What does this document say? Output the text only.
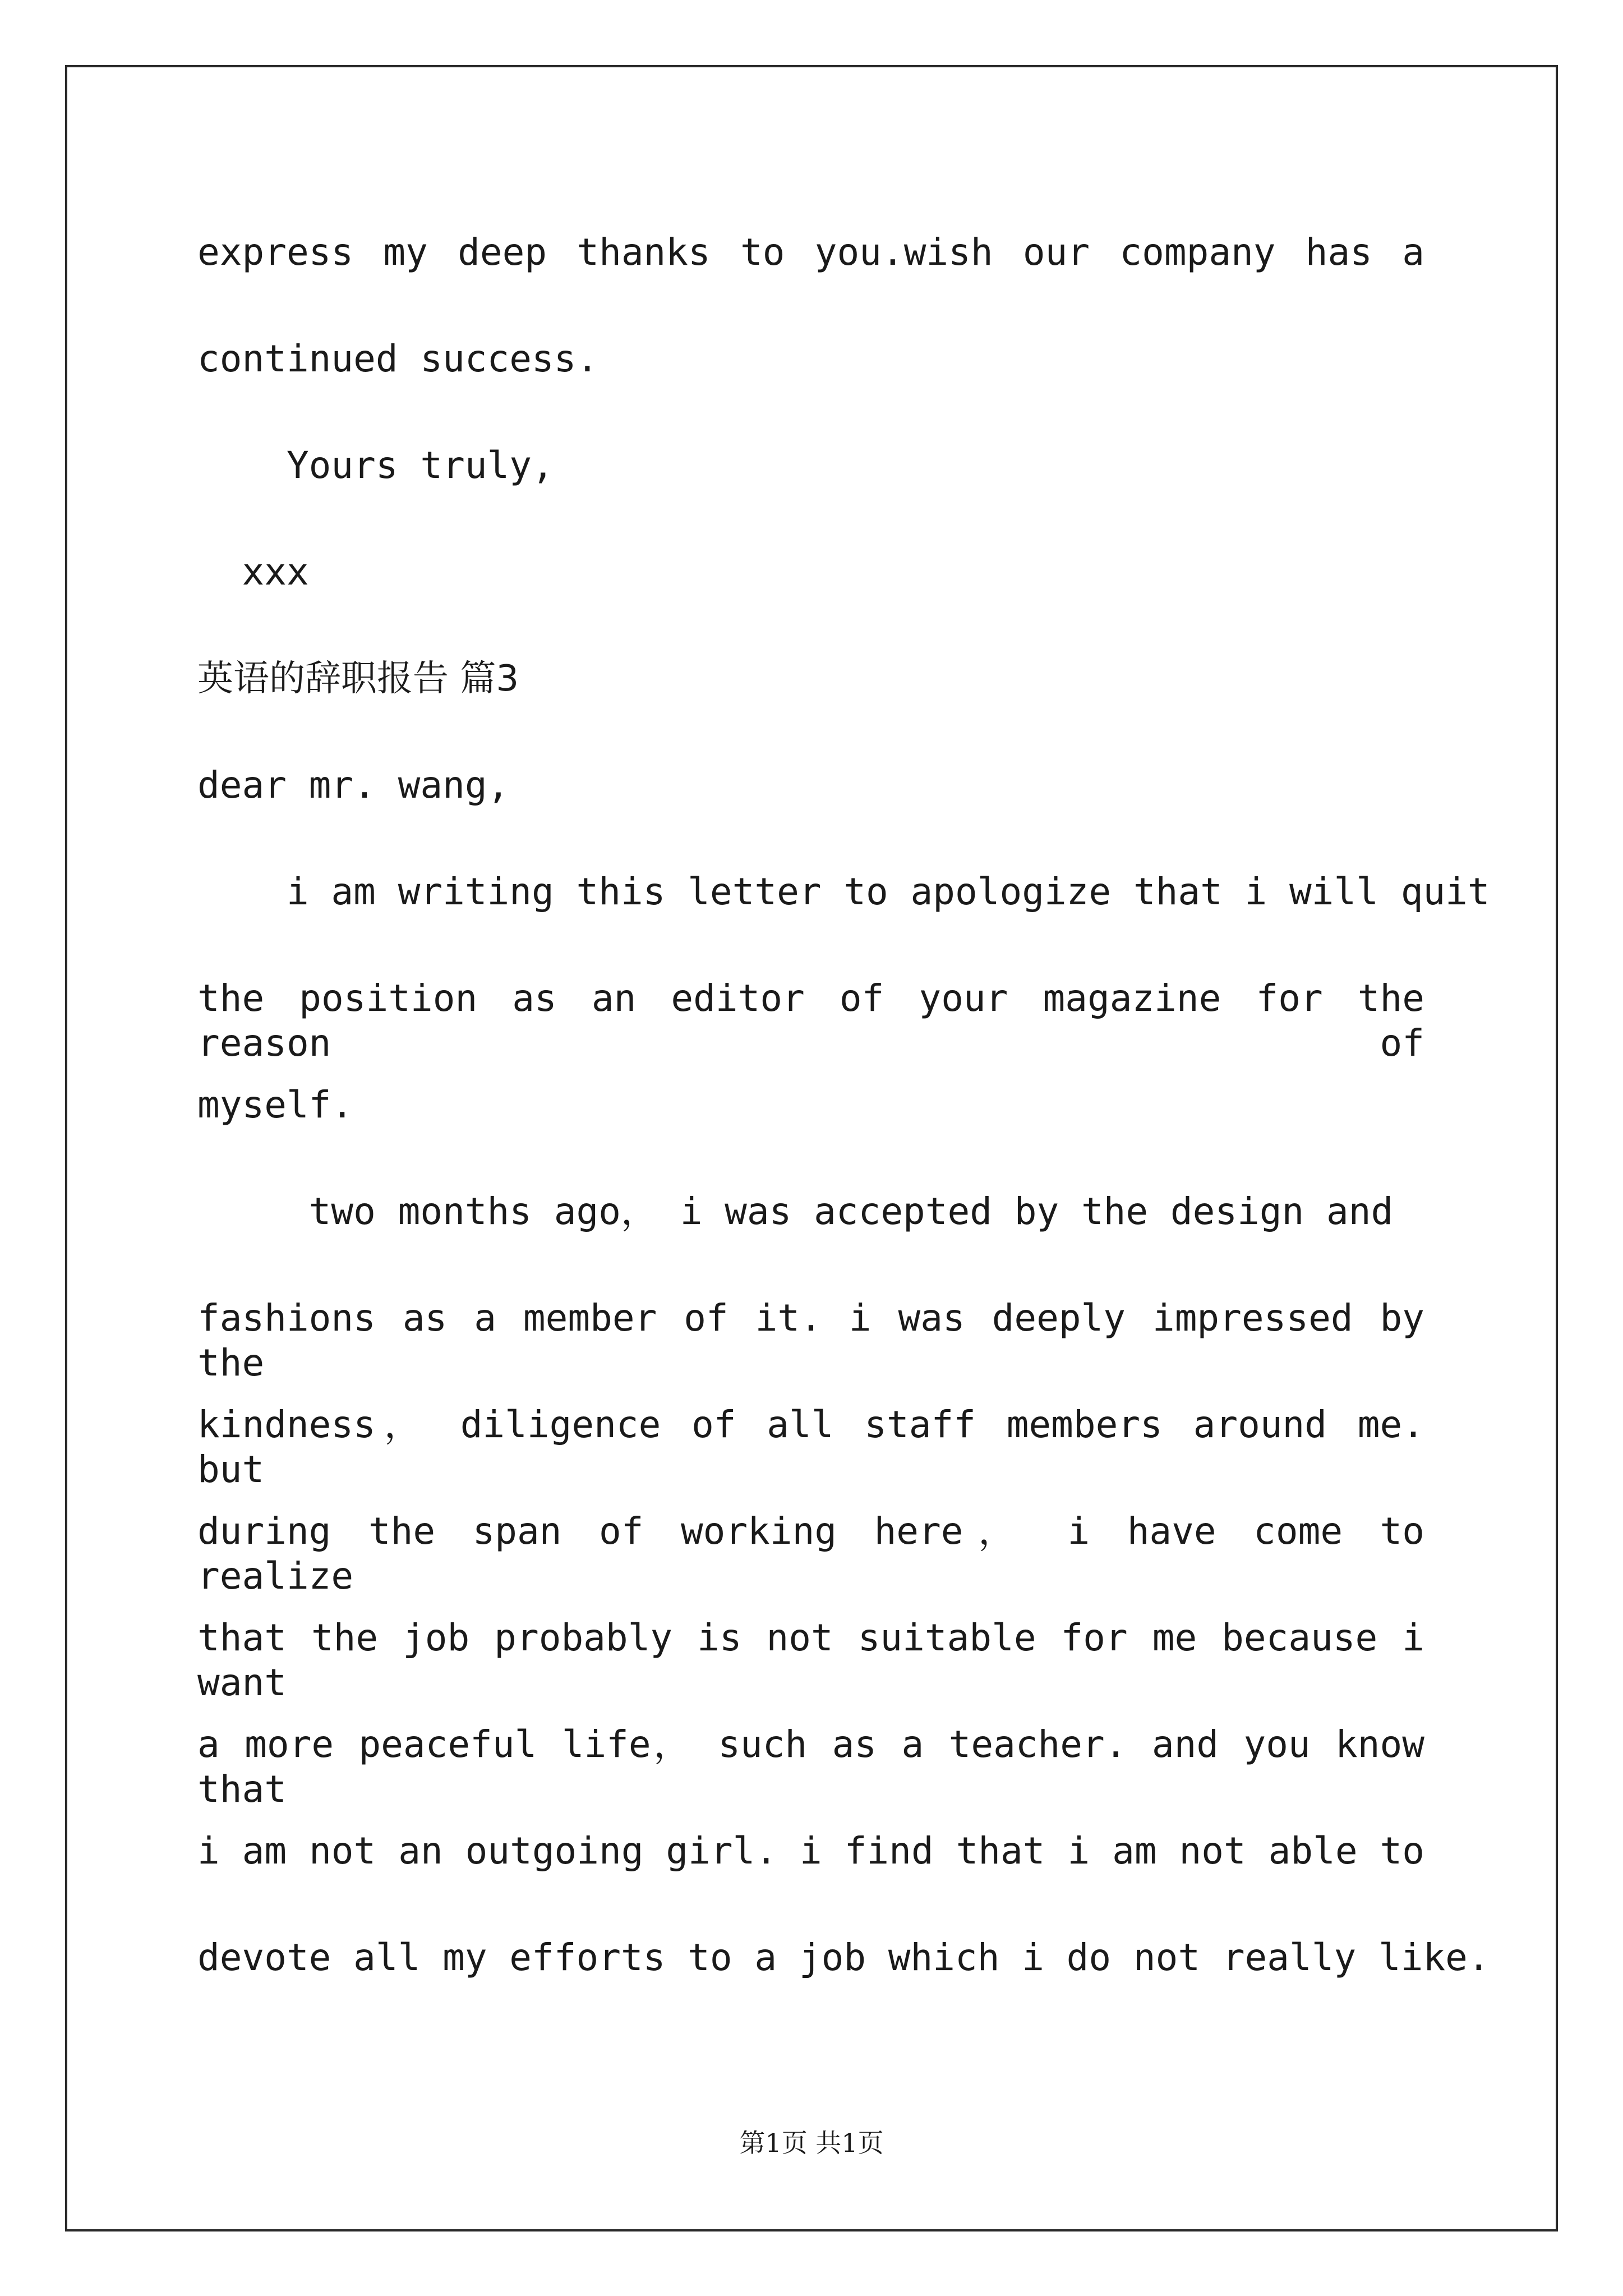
express my deep thanks to you.wish our company has a
continued success.
Yours truly,
xxx
英语的辞职报告 篇3
dear mr. wang,
i am writing this letter to apologize that i will quit
the position as an editor of your magazine for the reason of
myself.
two months ago， i was accepted by the design and
fashions as a member of it. i was deeply impressed by the
kindness， diligence of all staff members around me. but
during the span of working here， i have come to realize
that the job probably is not suitable for me because i want
a more peaceful life， such as a teacher. and you know that
i am not an outgoing girl. i find that i am not able to
devote all my efforts to a job which i do not really like.
第1页 共1页
